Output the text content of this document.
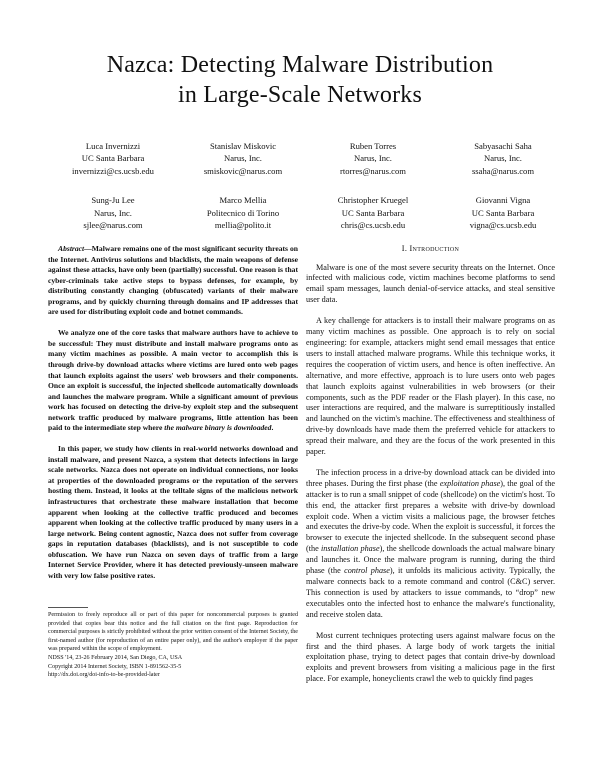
Nazca: Detecting Malware Distribution
in Large-Scale Networks
Luca Invernizzi
UC Santa Barbara
invernizzi@cs.ucsb.edu
Stanislav Miskovic
Narus, Inc.
smiskovic@narus.com
Ruben Torres
Narus, Inc.
rtorres@narus.com
Sabyasachi Saha
Narus, Inc.
ssaha@narus.com
Sung-Ju Lee
Narus, Inc.
sjlee@narus.com
Marco Mellia
Politecnico di Torino
mellia@polito.it
Christopher Kruegel
UC Santa Barbara
chris@cs.ucsb.edu
Giovanni Vigna
UC Santa Barbara
vigna@cs.ucsb.edu

Abstract—Malware remains one of the most significant security threats on the Internet. Antivirus solutions and blacklists, the main weapons of defense against these attacks, have only been (partially) successful. One reason is that cyber-criminals take active steps to bypass defenses, for example, by distributing constantly changing (obfuscated) variants of their malware programs, and by quickly churning through domains and IP addresses that are used for distributing exploit code and botnet commands.

We analyze one of the core tasks that malware authors have to achieve to be successful: They must distribute and install malware programs onto as many victim machines as possible. A main vector to accomplish this is through drive-by download attacks where victims are lured onto web pages that launch exploits against the users' web browsers and their components. Once an exploit is successful, the injected shellcode automatically downloads and launches the malware program. While a significant amount of previous work has focused on detecting the drive-by exploit step and the subsequent network traffic produced by malware programs, little attention has been paid to the intermediate step where the malware binary is downloaded.

In this paper, we study how clients in real-world networks download and install malware, and present Nazca, a system that detects infections in large scale networks. Nazca does not operate on individual connections, nor looks at properties of the downloaded programs or the reputation of the servers hosting them. Instead, it looks at the telltale signs of the malicious network infrastructures that orchestrate these malware installation that become apparent when looking at the collective traffic produced and becomes apparent when looking at the collective traffic produced by many users in a large network. Being content agnostic, Nazca does not suffer from coverage gaps in reputation databases (blacklists), and is not susceptible to code obfuscation. We have run Nazca on seven days of traffic from a large Internet Service Provider, where it has detected previously-unseen malware with very low false positive rates.

Permission to freely reproduce all or part of this paper for noncommercial purposes is granted provided that copies bear this notice and the full citation on the first page. Reproduction for commercial purposes is strictly prohibited without the prior written consent of the Internet Society, the first-named author (for reproduction of an entire paper only), and the author's employer if the paper was prepared within the scope of employment.
NDSS '14, 23-26 February 2014, San Diego, CA, USA
Copyright 2014 Internet Society, ISBN 1-891562-35-5
http://dx.doi.org/doi-info-to-be-provided-later
I. Introduction

Malware is one of the most severe security threats on the Internet. Once infected with malicious code, victim machines become platforms to send email spam messages, launch denial-of-service attacks, and steal sensitive user data.

A key challenge for attackers is to install their malware programs on as many victim machines as possible. One approach is to rely on social engineering: for example, attackers might send email messages that entice users to install attached malware programs. While this technique works, it requires the cooperation of victim users, and hence is often ineffective. An alternative, and more effective, approach is to lure users onto web pages that launch exploits against vulnerabilities in web browsers (or their components, such as the PDF reader or the Flash player). In this case, no user interactions are required, and the malware is surreptitiously installed and launched on the victim's machine. The effectiveness and stealthiness of drive-by downloads have made them the preferred vehicle for attackers to spread their malware, and they are the focus of the work presented in this paper.

The infection process in a drive-by download attack can be divided into three phases. During the first phase (the exploitation phase), the goal of the attacker is to run a small snippet of code (shellcode) on the victim's host. To this end, the attacker first prepares a website with drive-by download exploit code. When a victim visits a malicious page, the browser fetches and executes the drive-by code. When the exploit is successful, it forces the browser to execute the injected shellcode. In the subsequent second phase (the installation phase), the shellcode downloads the actual malware binary and launches it. Once the malware program is running, during the third phase (the control phase), it unfolds its malicious activity. Typically, the malware connects back to a remote command and control (C&C) server. This connection is used by attackers to issue commands, to “drop” new executables onto the infected host to enhance the malware's functionality, and receive stolen data.

Most current techniques protecting users against malware focus on the first and the third phases. A large body of work targets the initial exploitation phase, trying to detect pages that contain drive-by download exploits and prevent browsers from visiting a malicious page in the first place. For example, honeyclients crawl the web to quickly find pages
